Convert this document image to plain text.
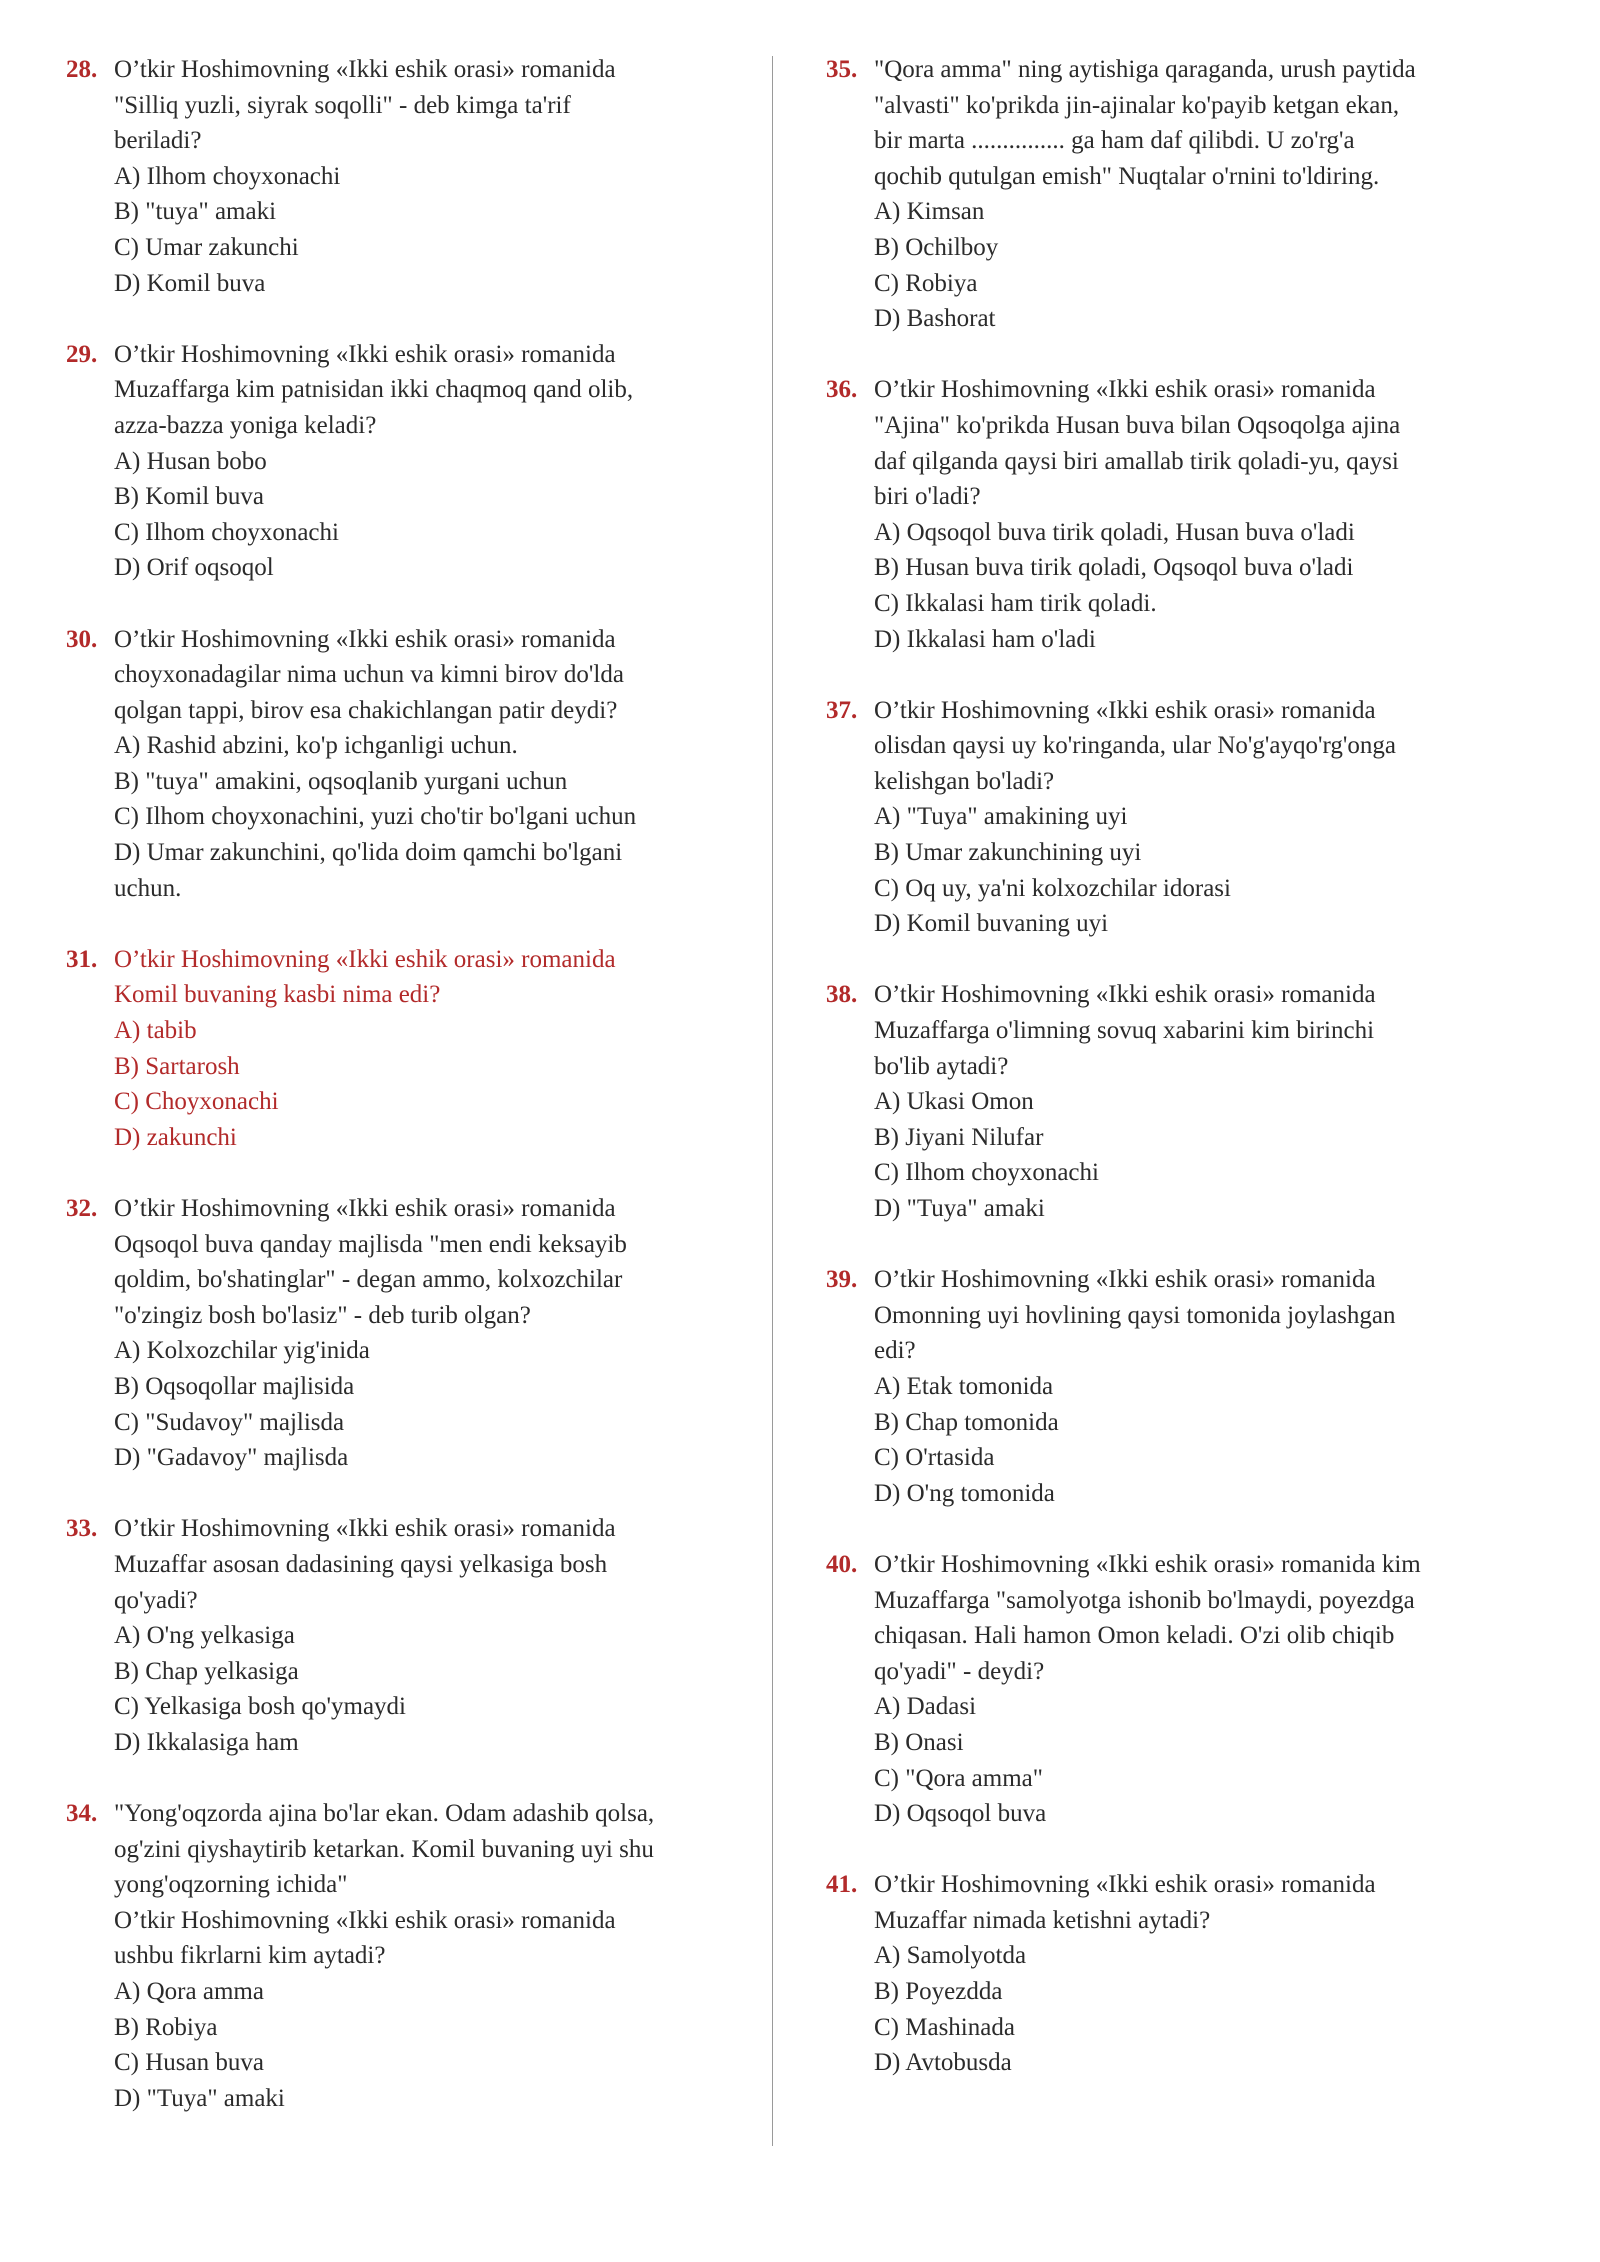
28. O’tkir Hoshimovning «Ikki eshik orasi» romanida
"Silliq yuzli, siyrak soqolli" - deb kimga ta'rif
beriladi?
A) Ilhom choyxonachi
B) "tuya" amaki
C) Umar zakunchi
D) Komil buva
29. O’tkir Hoshimovning «Ikki eshik orasi» romanida
Muzaffarga kim patnisidan ikki chaqmoq qand olib,
azza-bazza yoniga keladi?
A) Husan bobo
B) Komil buva
C) Ilhom choyxonachi
D) Orif oqsoqol
30. O’tkir Hoshimovning «Ikki eshik orasi» romanida
choyxonadagilar nima uchun va kimni birov do'lda
qolgan tappi, birov esa chakichlangan patir deydi?
A) Rashid abzini, ko'p ichganligi uchun.
B) "tuya" amakini, oqsoqlanib yurgani uchun
C) Ilhom choyxonachini, yuzi cho'tir bo'lgani uchun
D) Umar zakunchini, qo'lida doim qamchi bo'lgani
uchun.
31. O’tkir Hoshimovning «Ikki eshik orasi» romanida
Komil buvaning kasbi nima edi?
A) tabib
B) Sartarosh
C) Choyxonachi
D) zakunchi
32. O’tkir Hoshimovning «Ikki eshik orasi» romanida
Oqsoqol buva qanday majlisda "men endi keksayib
qoldim, bo'shatinglar" - degan ammo, kolxozchilar
"o'zingiz bosh bo'lasiz" - deb turib olgan?
A) Kolxozchilar yig'inida
B) Oqsoqollar majlisida
C) "Sudavoy" majlisda
D) "Gadavoy" majlisda
33. O’tkir Hoshimovning «Ikki eshik orasi» romanida
Muzaffar asosan dadasining qaysi yelkasiga bosh
qo'yadi?
A) O'ng yelkasiga
B) Chap yelkasiga
C) Yelkasiga bosh qo'ymaydi
D) Ikkalasiga ham
34. "Yong'oqzorda ajina bo'lar ekan. Odam adashib qolsa,
og'zini qiyshaytirib ketarkan. Komil buvaning uyi shu
yong'oqzorning ichida"
O’tkir Hoshimovning «Ikki eshik orasi» romanida
ushbu fikrlarni kim aytadi?
A) Qora amma
B) Robiya
C) Husan buva
D) "Tuya" amaki
35. "Qora amma" ning aytishiga qaraganda, urush paytida
"alvasti" ko'prikda jin-ajinalar ko'payib ketgan ekan,
bir marta ............... ga ham daf qilibdi. U zo'rg'a
qochib qutulgan emish" Nuqtalar o'rnini to'ldiring.
A) Kimsan
B) Ochilboy
C) Robiya
D) Bashorat
36. O’tkir Hoshimovning «Ikki eshik orasi» romanida
"Ajina" ko'prikda Husan buva bilan Oqsoqolga ajina
daf qilganda qaysi biri amallab tirik qoladi-yu, qaysi
biri o'ladi?
A) Oqsoqol buva tirik qoladi, Husan buva o'ladi
B) Husan buva tirik qoladi, Oqsoqol buva o'ladi
C) Ikkalasi ham tirik qoladi.
D) Ikkalasi ham o'ladi
37. O’tkir Hoshimovning «Ikki eshik orasi» romanida
olisdan qaysi uy ko'ringanda, ular No'g'ayqo'rg'onga
kelishgan bo'ladi?
A) "Tuya" amakining uyi
B) Umar zakunchining uyi
C) Oq uy, ya'ni kolxozchilar idorasi
D) Komil buvaning uyi
38. O’tkir Hoshimovning «Ikki eshik orasi» romanida
Muzaffarga o'limning sovuq xabarini kim birinchi
bo'lib aytadi?
A) Ukasi Omon
B) Jiyani Nilufar
C) Ilhom choyxonachi
D) "Tuya" amaki
39. O’tkir Hoshimovning «Ikki eshik orasi» romanida
Omonning uyi hovlining qaysi tomonida joylashgan
edi?
A) Etak tomonida
B) Chap tomonida
C) O'rtasida
D) O'ng tomonida
40. O’tkir Hoshimovning «Ikki eshik orasi» romanida kim
Muzaffarga "samolyotga ishonib bo'lmaydi, poyezdga
chiqasan. Hali hamon Omon keladi. O'zi olib chiqib
qo'yadi" - deydi?
A) Dadasi
B) Onasi
C) "Qora amma"
D) Oqsoqol buva
41. O’tkir Hoshimovning «Ikki eshik orasi» romanida
Muzaffar nimada ketishni aytadi?
A) Samolyotda
B) Poyezdda
C) Mashinada
D) Avtobusda
